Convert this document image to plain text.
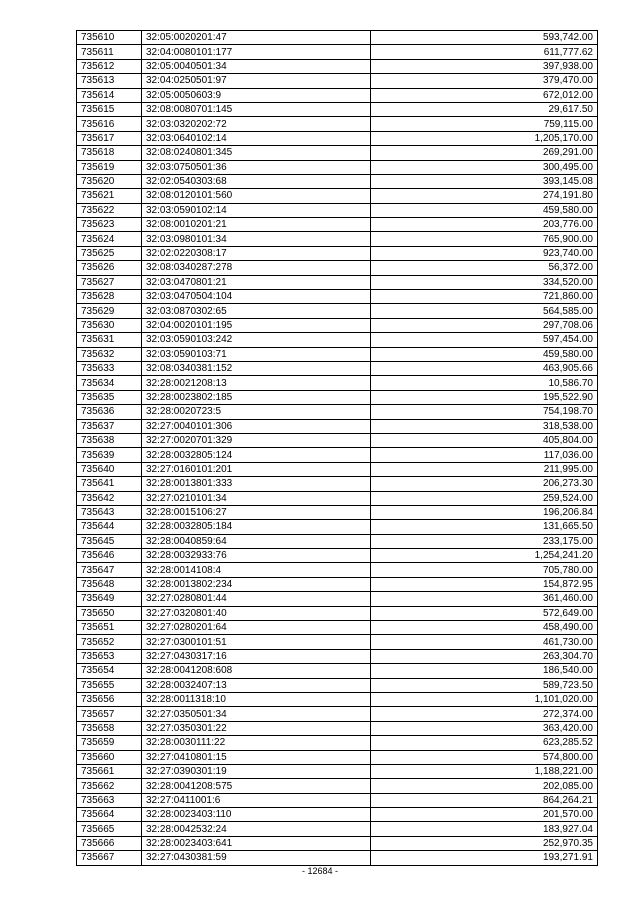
735610	32:05:0020201:47	593,742.00
735611	32:04:0080101:177	611,777.62
735612	32:05:0040501:34	397,938.00
735613	32:04:0250501:97	379,470.00
735614	32:05:0050603:9	672,012.00
735615	32:08:0080701:145	29,617.50
735616	32:03:0320202:72	759,115.00
735617	32:03:0640102:14	1,205,170.00
735618	32:08:0240801:345	269,291.00
735619	32:03:0750501:36	300,495.00
735620	32:02:0540303:68	393,145.08
735621	32:08:0120101:560	274,191.80
735622	32:03:0590102:14	459,580.00
735623	32:08:0010201:21	203,776.00
735624	32:03:0980101:34	765,900.00
735625	32:02:0220308:17	923,740.00
735626	32:08:0340287:278	56,372.00
735627	32:03:0470801:21	334,520.00
735628	32:03:0470504:104	721,860.00
735629	32:03:0870302:65	564,585.00
735630	32:04:0020101:195	297,708.06
735631	32:03:0590103:242	597,454.00
735632	32:03:0590103:71	459,580.00
735633	32:08:0340381:152	463,905.66
735634	32:28:0021208:13	10,586.70
735635	32:28:0023802:185	195,522.90
735636	32:28:0020723:5	754,198.70
735637	32:27:0040101:306	318,538.00
735638	32:27:0020701:329	405,804.00
735639	32:28:0032805:124	117,036.00
735640	32:27:0160101:201	211,995.00
735641	32:28:0013801:333	206,273.30
735642	32:27:0210101:34	259,524.00
735643	32:28:0015106:27	196,206.84
735644	32:28:0032805:184	131,665.50
735645	32:28:0040859:64	233,175.00
735646	32:28:0032933:76	1,254,241.20
735647	32:28:0014108:4	705,780.00
735648	32:28:0013802:234	154,872.95
735649	32:27:0280801:44	361,460.00
735650	32:27:0320801:40	572,649.00
735651	32:27:0280201:64	458,490.00
735652	32:27:0300101:51	461,730.00
735653	32:27:0430317:16	263,304.70
735654	32:28:0041208:608	186,540.00
735655	32:28:0032407:13	589,723.50
735656	32:28:0011318:10	1,101,020.00
735657	32:27:0350501:34	272,374.00
735658	32:27:0350301:22	363,420.00
735659	32:28:0030111:22	623,285.52
735660	32:27:0410801:15	574,800.00
735661	32:27:0390301:19	1,188,221.00
735662	32:28:0041208:575	202,085.00
735663	32:27:0411001:6	864,264.21
735664	32:28:0023403:110	201,570.00
735665	32:28:0042532:24	183,927.04
735666	32:28:0023403:641	252,970.35
735667	32:27:0430381:59	193,271.91
- 12684 -
